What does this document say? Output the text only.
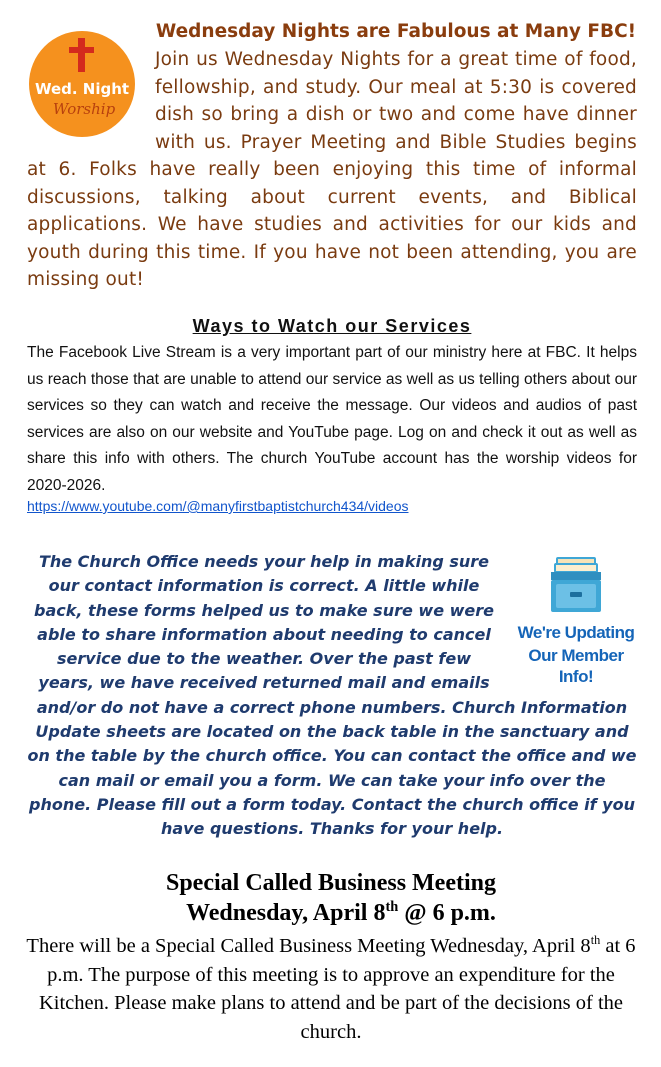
Wed. Night
Worship

Wednesday Nights are Fabulous at Many FBC!

Join us Wednesday Nights for a great time of food, fellowship, and study. Our meal at 5:30 is covered dish so bring a dish or two and come have dinner with us. Prayer Meeting and Bible Studies begins at 6. Folks have really been enjoying this time of informal discussions, talking about current events, and Biblical applications. We have studies and activities for our kids and youth during this time. If you have not been attending, you are missing out!

Ways to Watch our Services

The Facebook Live Stream is a very important part of our ministry here at FBC. It helps us reach those that are unable to attend our service as well as us telling others about our services so they can watch and receive the message. Our videos and audios of past services are also on our website and YouTube page. Log on and check it out as well as share this info with others. The church YouTube account has the worship videos for 2020-2026.

https://www.youtube.com/@manyfirstbaptistchurch434/videos
We're Updating
Our Member Info!

The Church Office needs your help in making sure our contact information is correct. A little while back, these forms helped us to make sure we were able to share information about needing to cancel service due to the weather. Over the past few years, we have received returned mail and emails and/or do not have a correct phone numbers. Church Information Update sheets are located on the back table in the sanctuary and on the table by the church office. You can contact the office and we can mail or email you a form. We can take your info over the phone. Please fill out a form today. Contact the church office if you have questions. Thanks for your help.

Special Called Business Meeting

Wednesday, April 8th @ 6 p.m.

There will be a Special Called Business Meeting Wednesday, April 8th at 6 p.m. The purpose of this meeting is to approve an expenditure for the Kitchen. Please make plans to attend and be part of the decisions of the church.
